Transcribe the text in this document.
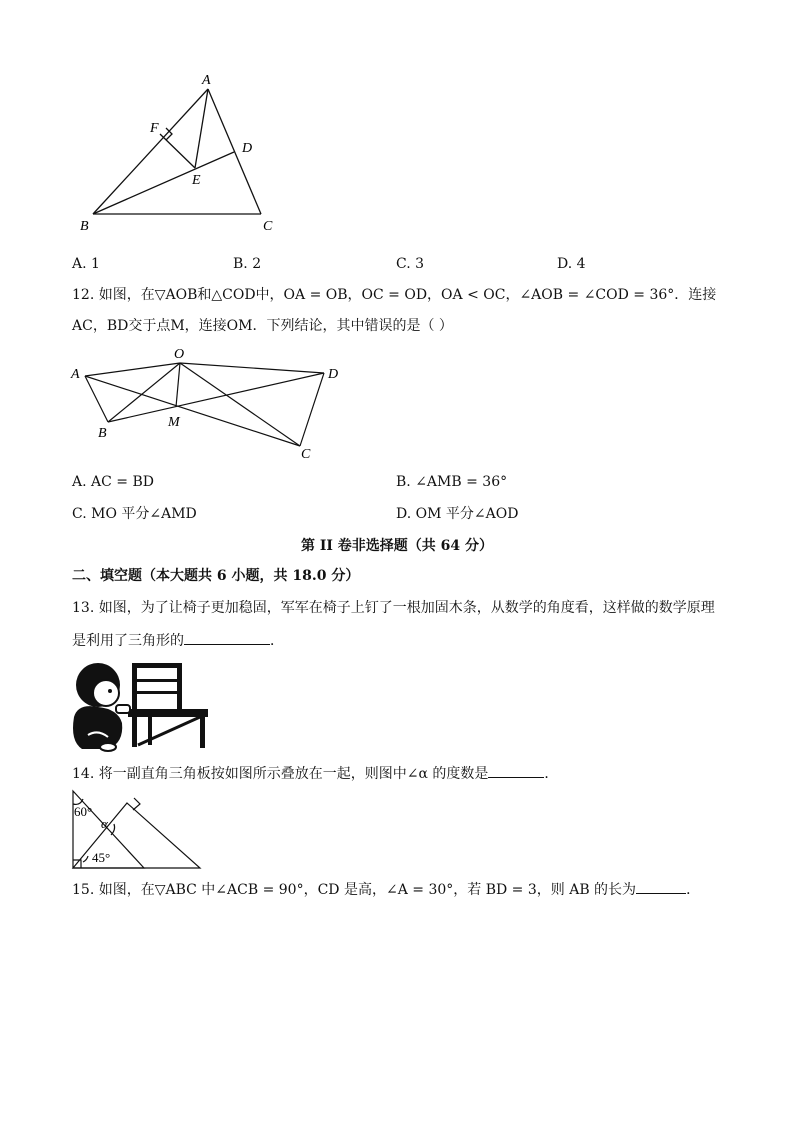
A
F
D
E
B	C
A. 1	B. 2	C. 3	D. 4
12. 如图，在▽AOB和△COD中，OA = OB，OC = OD，OA < OC，∠AOB = ∠COD = 36°．连接
AC，BD交于点M，连接OM．下列结论，其中错误的是（ ）
A
O
D
B
M
C
A. AC = BD	B. ∠AMB = 36°
C. MO 平分∠AMD	D. OM 平分∠AOD
第 II 卷非选择题（共 64 分）
二、填空题（本大题共 6 小题，共 18.0 分）
13. 如图，为了让椅子更加稳固，军军在椅子上钉了一根加固木条，从数学的角度看，这样做的数学原理
是利用了三角形的	．
14. 将一副直角三角板按如图所示叠放在一起，则图中∠α 的度数是	．
60°
α
45°
15. 如图，在▽ABC 中∠ACB = 90°，CD 是高，∠A = 30°，若 BD = 3，则 AB 的长为	．
